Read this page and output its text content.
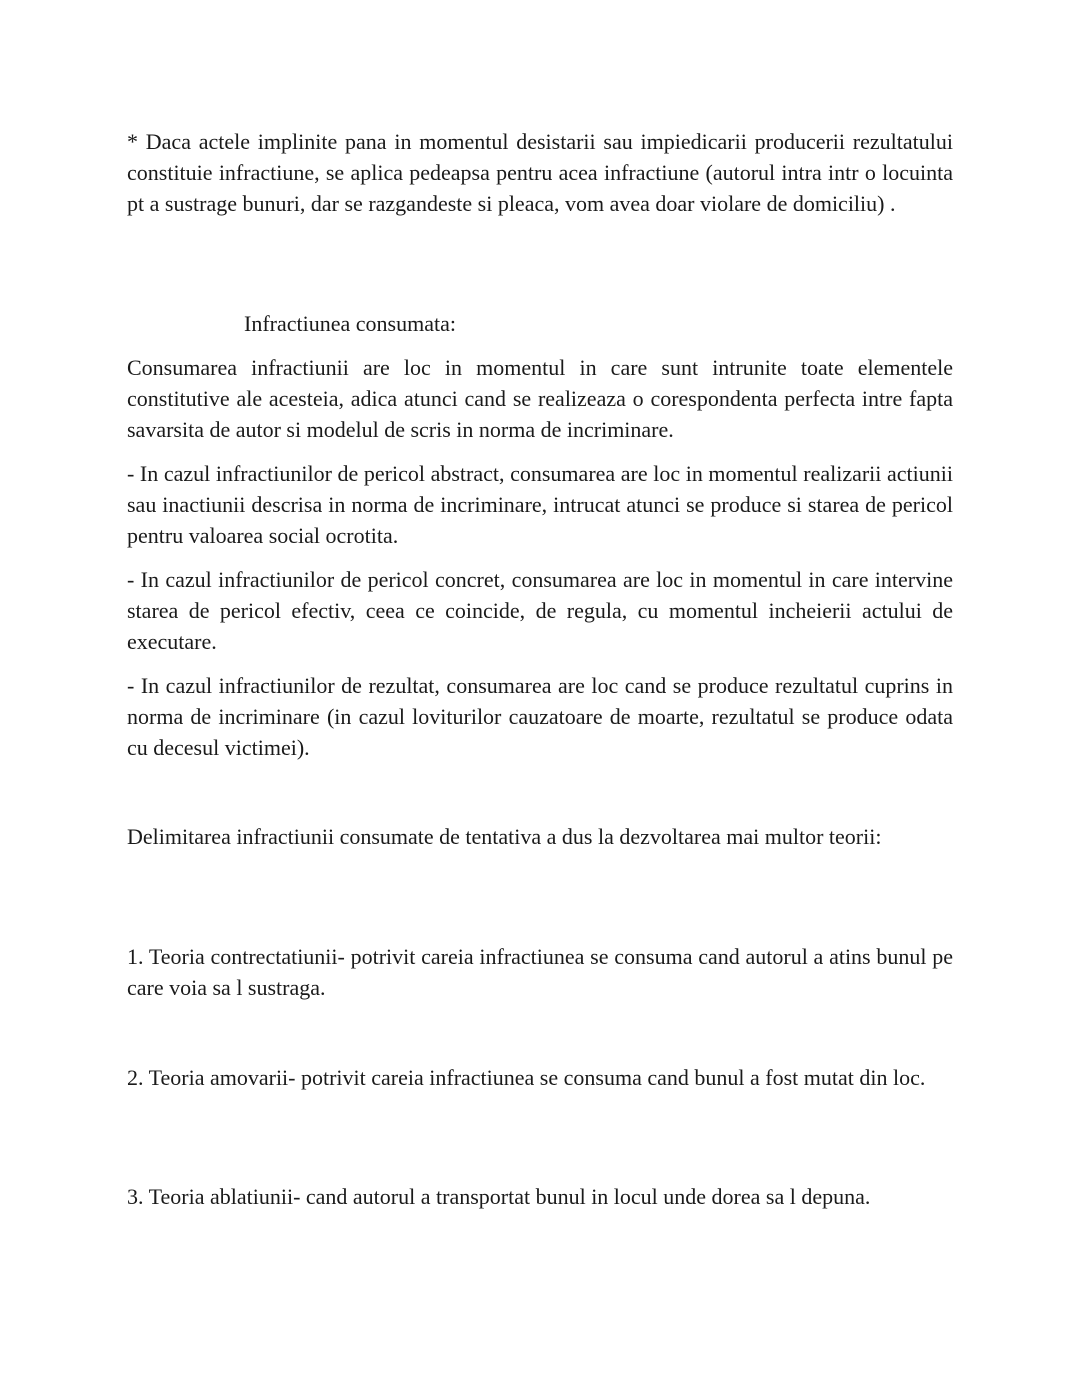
* Daca actele implinite pana in momentul desistarii sau impiedicarii producerii rezultatului constituie infractiune, se aplica pedeapsa pentru acea infractiune (autorul intra intr o locuinta pt a sustrage bunuri, dar se razgandeste si pleaca, vom avea doar violare de domiciliu) .

Infractiunea consumata:

Consumarea infractiunii are loc in momentul in care sunt intrunite toate elementele constitutive ale acesteia, adica atunci cand se realizeaza o corespondenta perfecta intre fapta savarsita de autor si modelul de scris in norma de incriminare.

- In cazul infractiunilor de pericol abstract, consumarea are loc in momentul realizarii actiunii sau inactiunii descrisa in norma de incriminare, intrucat atunci se produce si starea de pericol pentru valoarea social ocrotita.

- In cazul infractiunilor de pericol concret, consumarea are loc in momentul in care intervine starea de pericol efectiv, ceea ce coincide, de regula, cu momentul incheierii actului de executare.

- In cazul infractiunilor de rezultat, consumarea are loc cand se produce rezultatul cuprins in norma de incriminare (in cazul loviturilor cauzatoare de moarte, rezultatul se produce odata cu decesul victimei).

Delimitarea infractiunii consumate de tentativa a dus la dezvoltarea mai multor teorii:

1. Teoria contrectatiunii- potrivit careia infractiunea se consuma cand autorul a atins bunul pe care voia sa l sustraga.

2. Teoria amovarii- potrivit careia infractiunea se consuma cand bunul a fost mutat din loc.

3. Teoria ablatiunii- cand autorul a transportat bunul in locul unde dorea sa l depuna.
